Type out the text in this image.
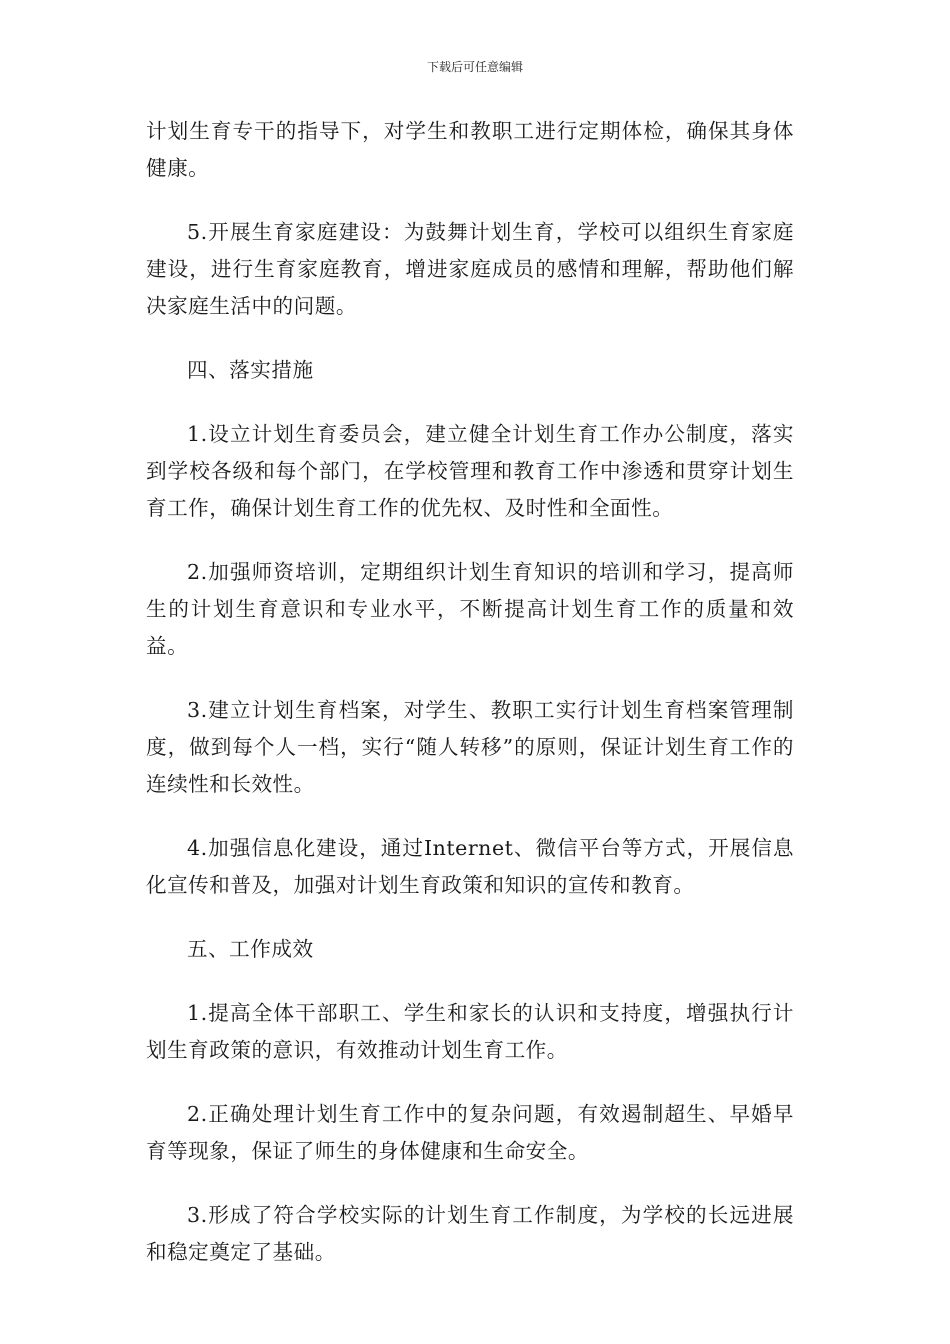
下载后可任意编辑

计划生育专干的指导下，对学生和教职工进行定期体检，确保其身体健康。

5.开展生育家庭建设：为鼓舞计划生育，学校可以组织生育家庭建设，进行生育家庭教育，增进家庭成员的感情和理解，帮助他们解决家庭生活中的问题。

四、落实措施

1.设立计划生育委员会，建立健全计划生育工作办公制度，落实到学校各级和每个部门，在学校管理和教育工作中渗透和贯穿计划生育工作，确保计划生育工作的优先权、及时性和全面性。

2.加强师资培训，定期组织计划生育知识的培训和学习，提高师生的计划生育意识和专业水平，不断提高计划生育工作的质量和效益。

3.建立计划生育档案，对学生、教职工实行计划生育档案管理制度，做到每个人一档，实行“随人转移”的原则，保证计划生育工作的连续性和长效性。

4.加强信息化建设，通过Internet、微信平台等方式，开展信息化宣传和普及，加强对计划生育政策和知识的宣传和教育。

五、工作成效

1.提高全体干部职工、学生和家长的认识和支持度，增强执行计划生育政策的意识，有效推动计划生育工作。

2.正确处理计划生育工作中的复杂问题，有效遏制超生、早婚早育等现象，保证了师生的身体健康和生命安全。

3.形成了符合学校实际的计划生育工作制度，为学校的长远进展和稳定奠定了基础。
